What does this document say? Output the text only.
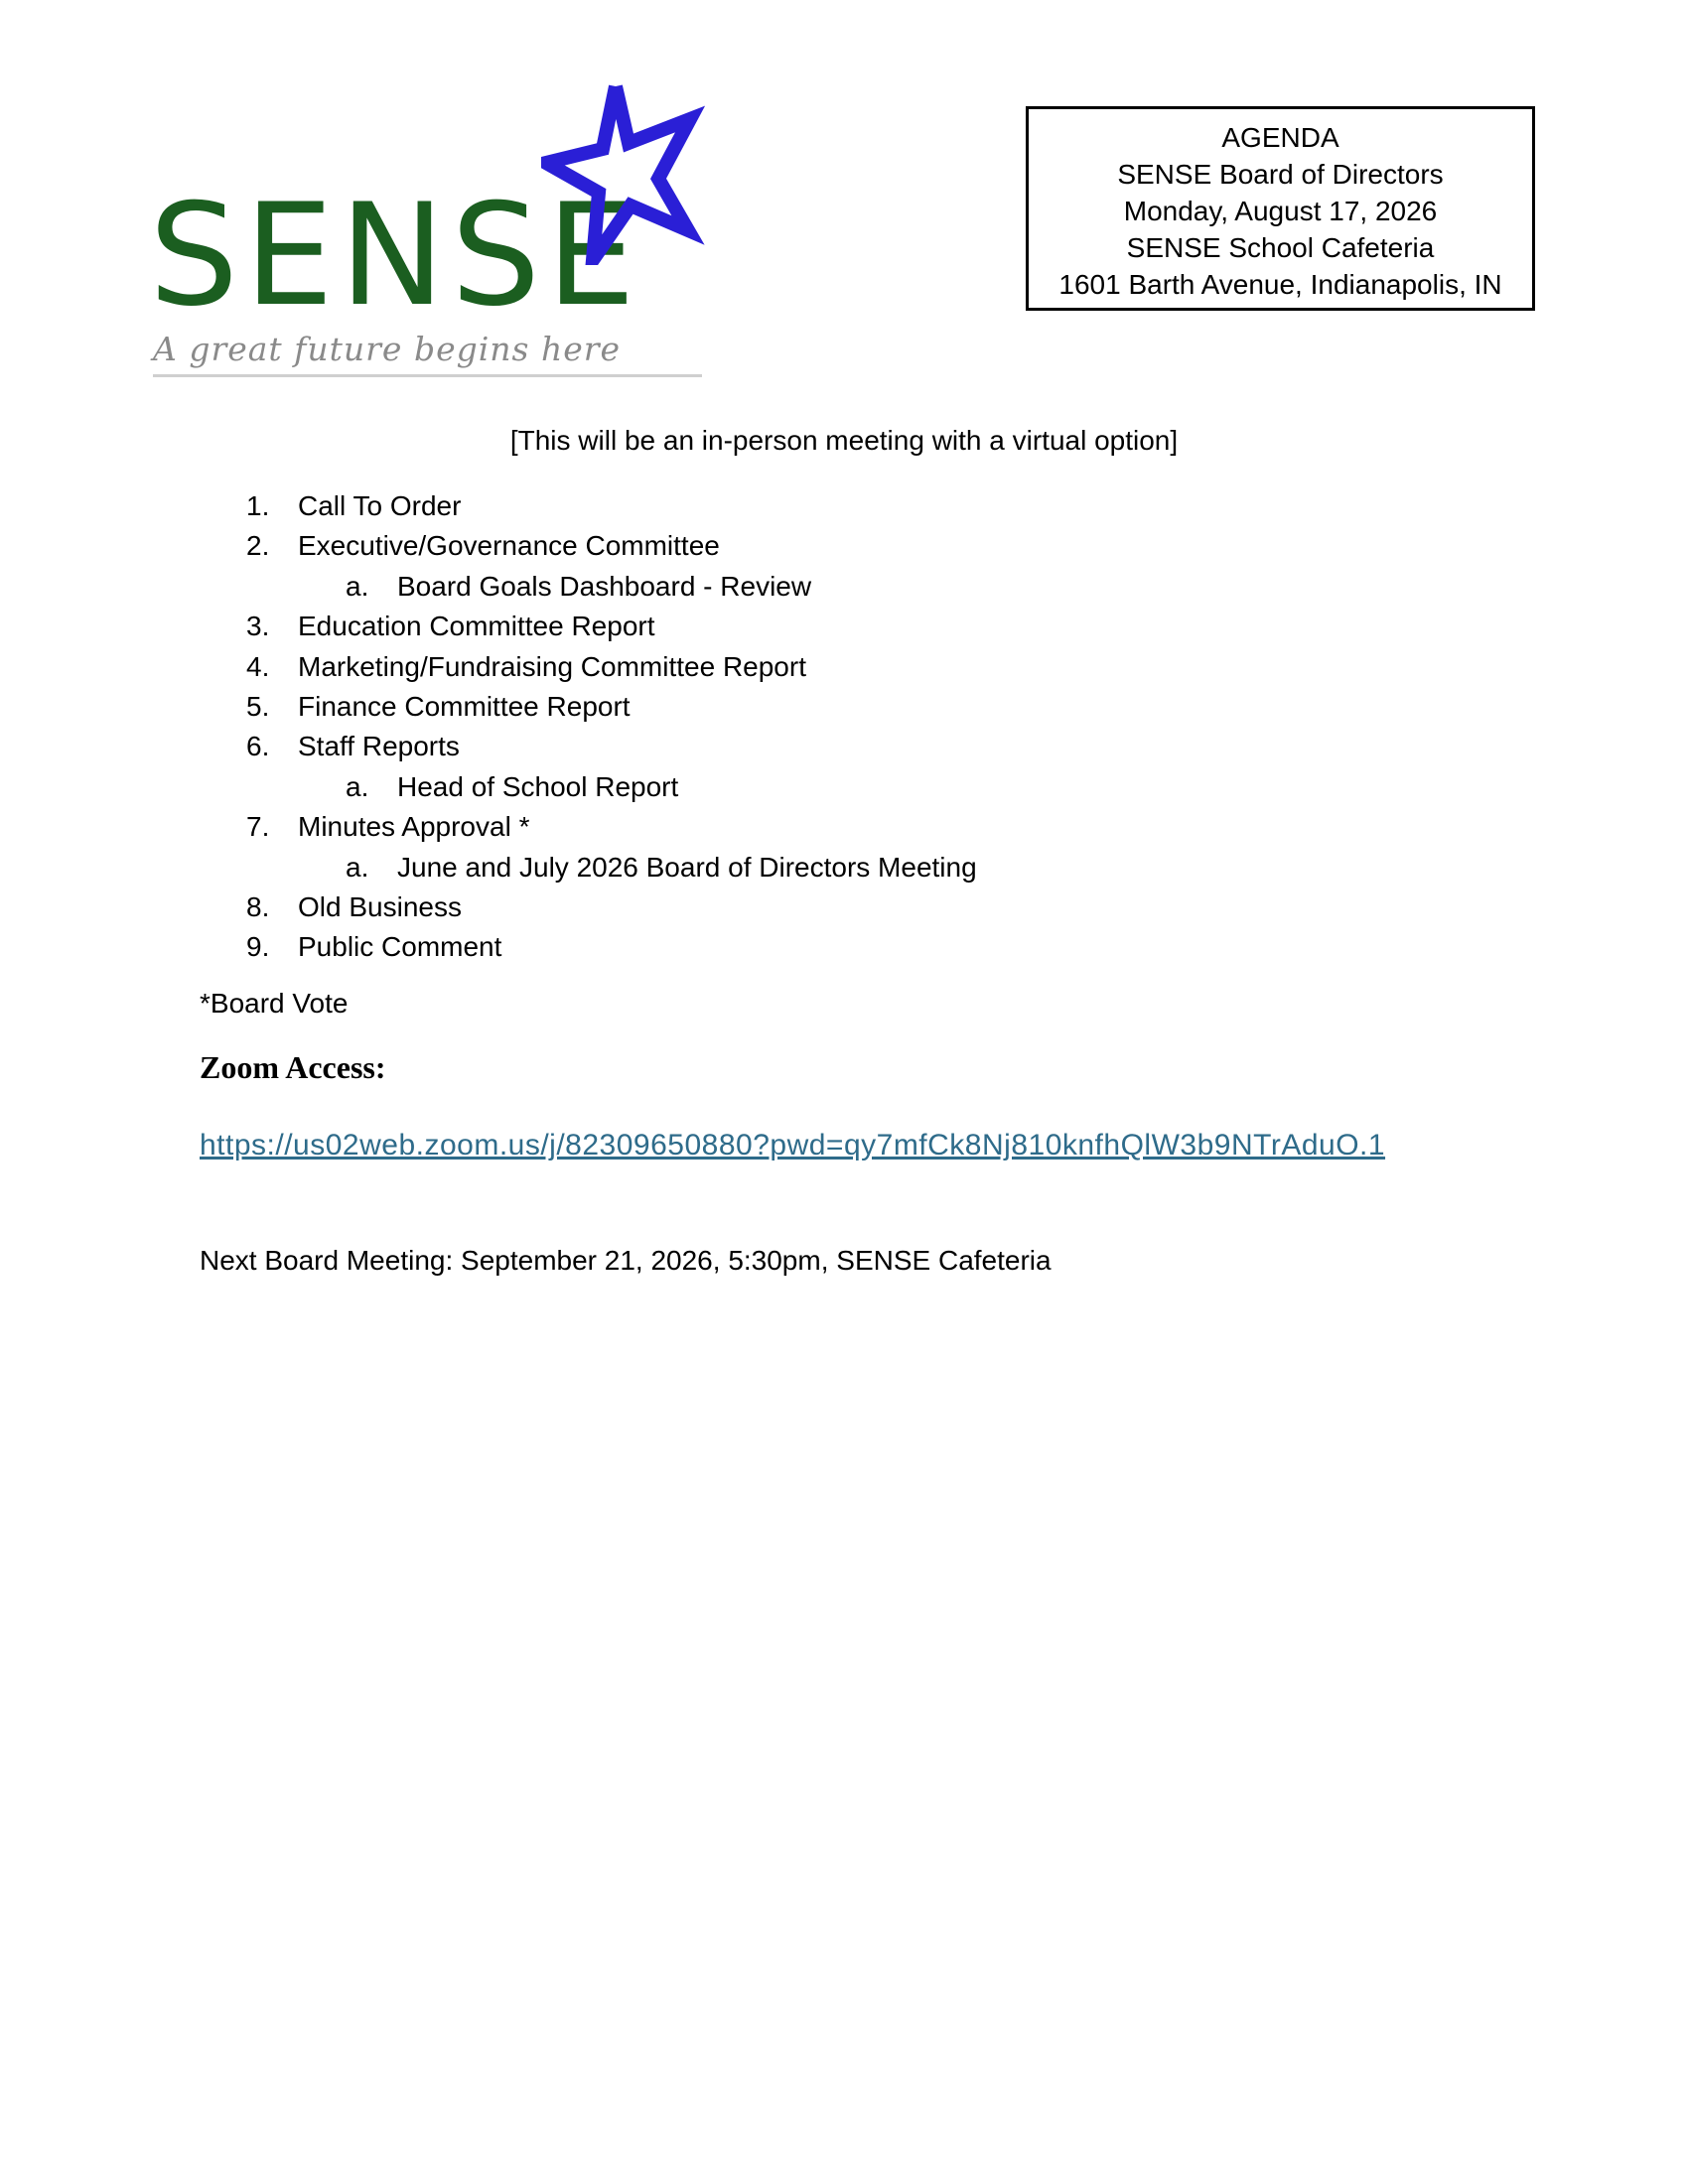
SENSE
A great future begins here
AGENDA
SENSE Board of Directors
Monday, August 17, 2026
SENSE School Cafeteria
1601 Barth Avenue, Indianapolis, IN
[This will be an in-person meeting with a virtual option]
1.	Call To Order
2.	Executive/Governance Committee
a.	Board Goals Dashboard - Review
3.	Education Committee Report
4.	Marketing/Fundraising Committee Report
5.	Finance Committee Report
6.	Staff Reports
a.	Head of School Report
7.	Minutes Approval *
a.	June and July 2026 Board of Directors Meeting
8.	Old Business
9.	Public Comment
*Board Vote
Zoom Access:
https://us02web.zoom.us/j/82309650880?pwd=qy7mfCk8Nj810knfhQlW3b9NTrAduO.1
Next Board Meeting: September 21, 2026, 5:30pm, SENSE Cafeteria
